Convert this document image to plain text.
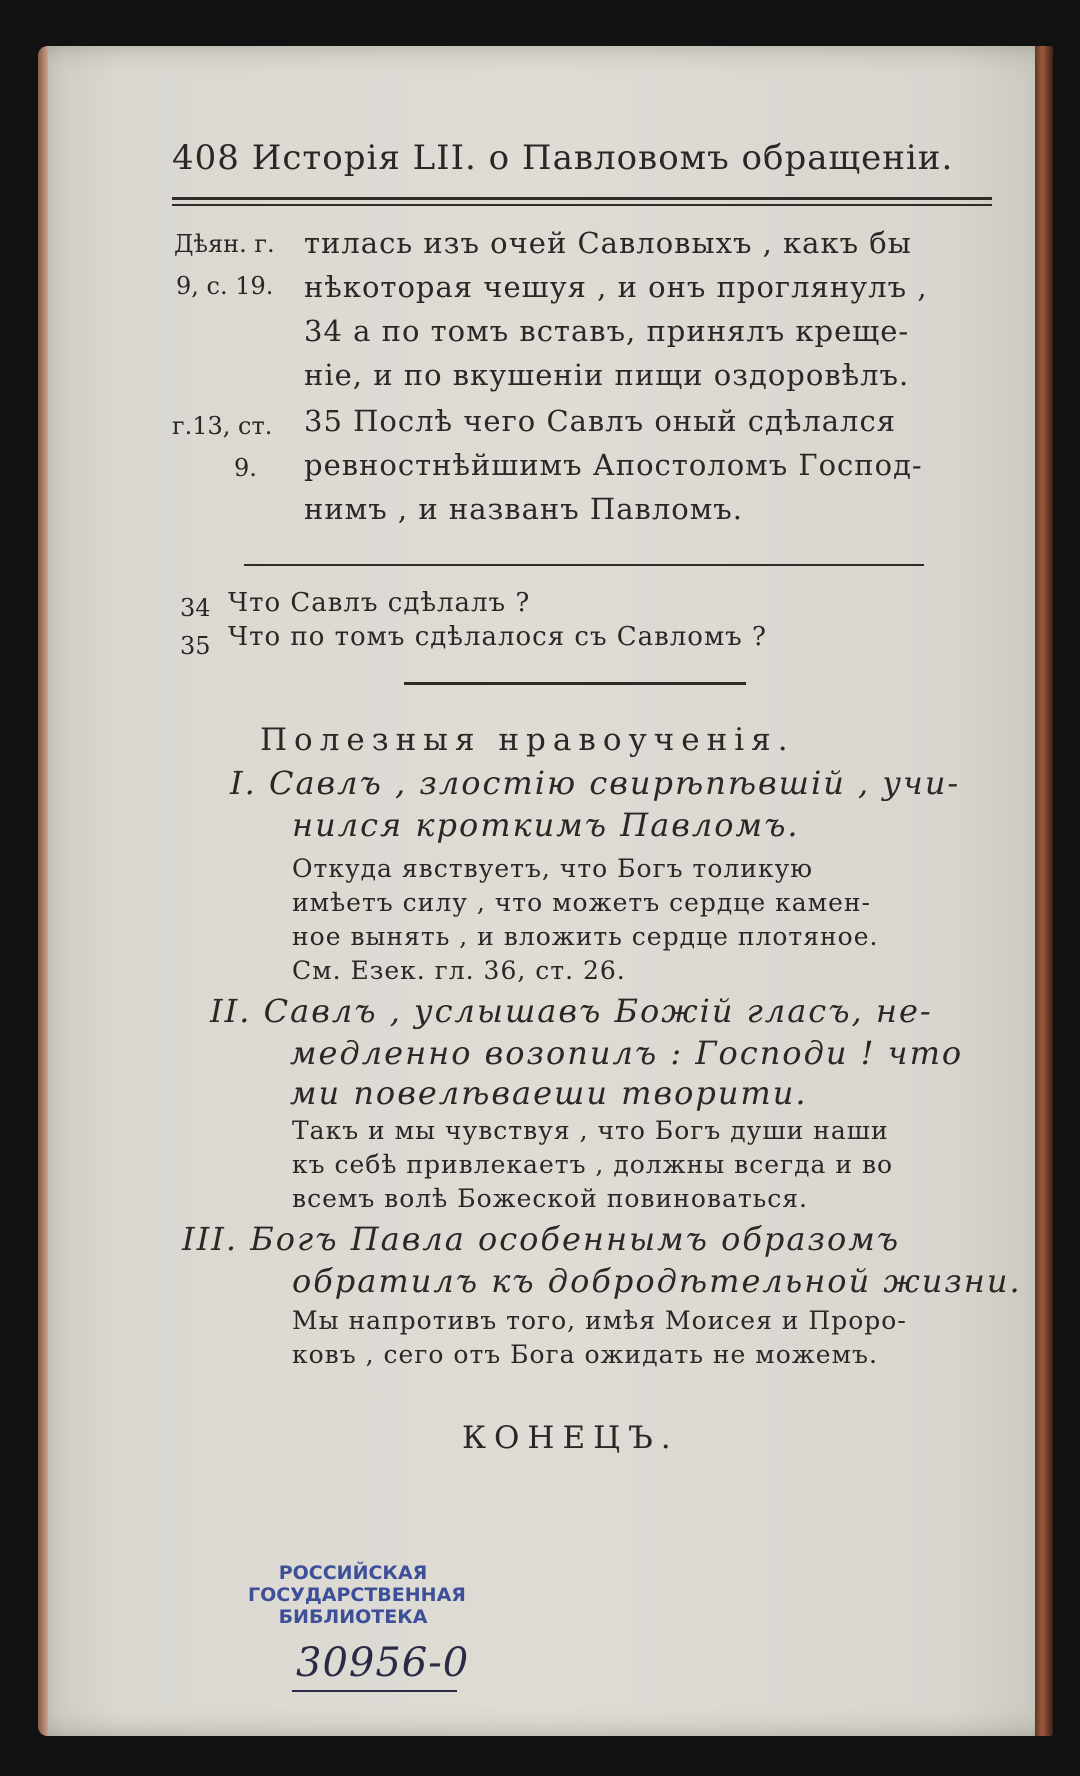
408 Исторія LII. о Павловомъ обращеніи.
Дѣян. г. тилась изъ очей Савловыхъ , какъ бы
9, с. 19. нѣкоторая чешуя , и онъ проглянулъ ,
34 а по томъ вставъ, принялъ креще-
ніе, и по вкушеніи пищи оздоровѣлъ.
г.13, ст. 35 Послѣ чего Савлъ оный сдѣлался
9. ревностнѣйшимъ Апостоломъ Господ-
нимъ , и названъ Павломъ.
34 Что Савлъ сдѣлалъ ?
35 Что по томъ сдѣлалося съ Савломъ ?
Полезныя нравоученія.
I. Савлъ , злостію свирѣпѣвшій , учи-
нился кроткимъ Павломъ.
Откуда явствуетъ, что Богъ толикую
имѣетъ силу , что можетъ сердце камен-
ное вынять , и вложить сердце плотяное.
См. Езек. гл. 36, ст. 26.
II. Савлъ , услышавъ Божій гласъ, не-
медленно возопилъ : Господи ! что
ми повелѣваеши творити.
Такъ и мы чувствуя , что Богъ души наши
къ себѣ привлекаетъ , должны всегда и во
всемъ волѣ Божеской повиноваться.
III. Богъ Павла особеннымъ образомъ
обратилъ къ добродѣтельной жизни.
Мы напротивъ того, имѣя Моисея и Проро-
ковъ , сего отъ Бога ожидать не можемъ.
КОНЕЦЪ.
РОССИЙСКАЯ
ГОСУДАРСТВЕННАЯ
БИБЛИОТЕКА
30956-0
